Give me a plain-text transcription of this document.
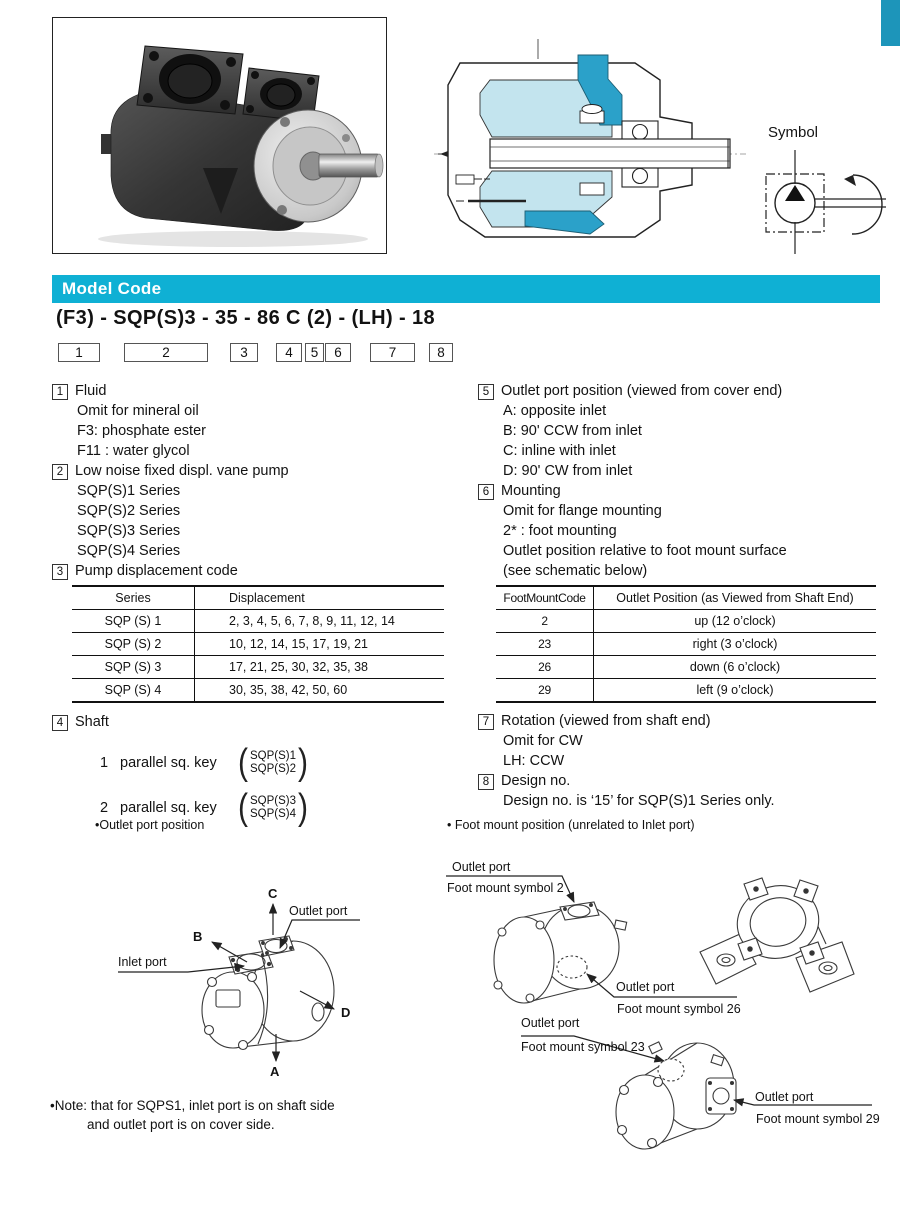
Symbol
Model Code
(F3) - SQP(S)3 - 35 - 86 C (2) - (LH) - 18
1	2	3	4	5	6	7	8
1 Fluid
Omit for mineral oil
F3: phosphate ester
F11 : water glycol
2 Low noise fixed displ. vane pump
SQP(S)1 Series
SQP(S)2 Series
SQP(S)3 Series
SQP(S)4 Series
3 Pump displacement code
Series	Displacement
SQP (S) 1	2, 3, 4, 5, 6, 7, 8, 9, 11, 12, 14
SQP (S) 2	10, 12, 14, 15, 17, 19, 21
SQP (S) 3	17, 21, 25, 30, 32, 35, 38
SQP (S) 4	30, 35, 38, 42, 50, 60
4 Shaft
1 parallel sq. key ( SQP(S)1
SQP(S)2 )
2 parallel sq. key ( SQP(S)3
SQP(S)4 )
5 Outlet port position (viewed from cover end)
A: opposite inlet
B: 90' CCW from inlet
C: inline with inlet
D: 90' CW from inlet
6 Mounting
Omit for flange mounting
2* : foot mounting
Outlet position relative to foot mount surface
(see schematic below)
FootMountCode	Outlet Position (as Viewed from Shaft End)
2	up (12 o’clock)
23	right (3 o’clock)
26	down (6 o’clock)
29	left (9 o’clock)
7 Rotation (viewed from shaft end)
Omit for CW
LH: CCW
8 Design no.
Design no. is ‘15’ for SQP(S)1 Series only.
•Outlet port position	• Foot mount position (unrelated to Inlet port)
C
Outlet port
B
Inlet port
D
A
Outlet port
Foot mount symbol 2
Outlet port
Foot mount symbol 26
Outlet port
Foot mount symbol 23
Outlet port
Foot mount symbol 29
•Note: that for SQPS1, inlet port is on shaft side
and outlet port is on cover side.
